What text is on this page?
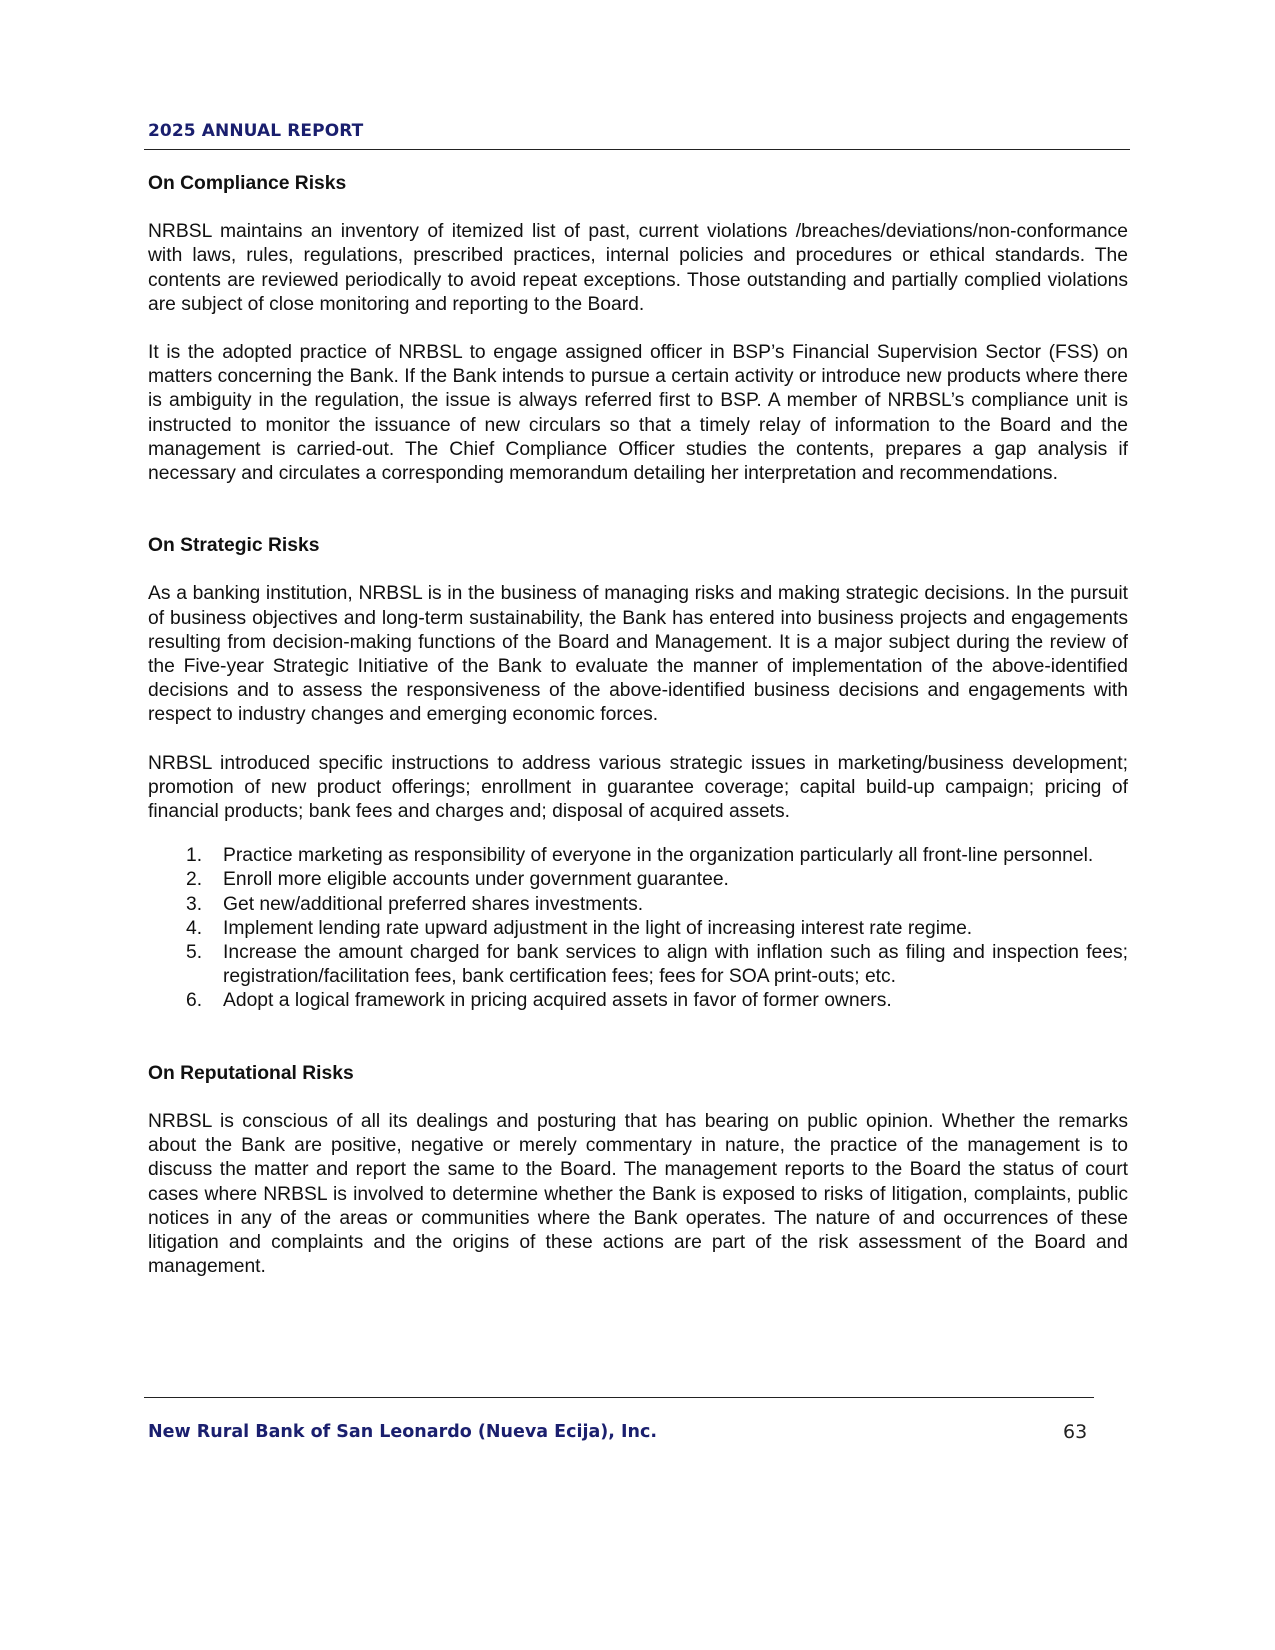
2025 ANNUAL REPORT
On Compliance Risks

NRBSL maintains an inventory of itemized list of past, current violations /breaches/deviations/non-conformance with laws, rules, regulations, prescribed practices, internal policies and procedures or ethical standards. The contents are reviewed periodically to avoid repeat exceptions. Those outstanding and partially complied violations are subject of close monitoring and reporting to the Board.

It is the adopted practice of NRBSL to engage assigned officer in BSP’s Financial Supervision Sector (FSS) on matters concerning the Bank. If the Bank intends to pursue a certain activity or introduce new products where there is ambiguity in the regulation, the issue is always referred first to BSP. A member of NRBSL’s compliance unit is instructed to monitor the issuance of new circulars so that a timely relay of information to the Board and the management is carried-out. The Chief Compliance Officer studies the contents, prepares a gap analysis if necessary and circulates a corresponding memorandum detailing her interpretation and recommendations.

On Strategic Risks

As a banking institution, NRBSL is in the business of managing risks and making strategic decisions. In the pursuit of business objectives and long-term sustainability, the Bank has entered into business projects and engagements resulting from decision-making functions of the Board and Management. It is a major subject during the review of the Five-year Strategic Initiative of the Bank to evaluate the manner of implementation of the above-identified decisions and to assess the responsiveness of the above-identified business decisions and engagements with respect to industry changes and emerging economic forces.

NRBSL introduced specific instructions to address various strategic issues in marketing/business development; promotion of new product offerings; enrollment in guarantee coverage; capital build-up campaign; pricing of financial products; bank fees and charges and; disposal of acquired assets.

1. Practice marketing as responsibility of everyone in the organization particularly all front-line personnel.
2. Enroll more eligible accounts under government guarantee.
3. Get new/additional preferred shares investments.
4. Implement lending rate upward adjustment in the light of increasing interest rate regime.
5. Increase the amount charged for bank services to align with inflation such as filing and inspection fees; registration/facilitation fees, bank certification fees; fees for SOA print-outs; etc.
6. Adopt a logical framework in pricing acquired assets in favor of former owners.
On Reputational Risks

NRBSL is conscious of all its dealings and posturing that has bearing on public opinion. Whether the remarks about the Bank are positive, negative or merely commentary in nature, the practice of the management is to discuss the matter and report the same to the Board. The management reports to the Board the status of court cases where NRBSL is involved to determine whether the Bank is exposed to risks of litigation, complaints, public notices in any of the areas or communities where the Bank operates. The nature of and occurrences of these litigation and complaints and the origins of these actions are part of the risk assessment of the Board and management.

New Rural Bank of San Leonardo (Nueva Ecija), Inc.	63
